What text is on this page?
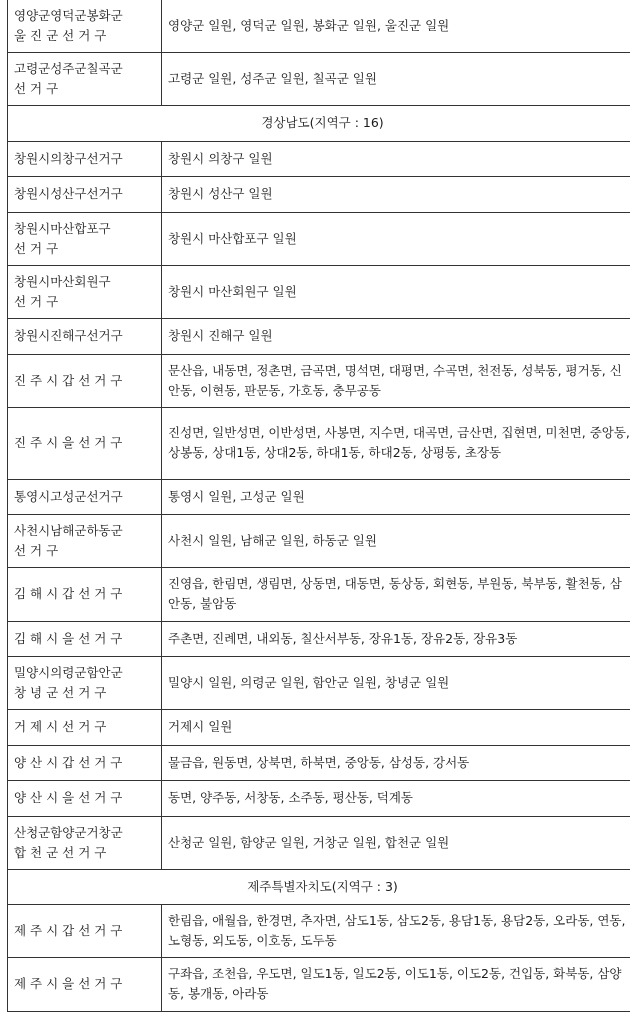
영양군영덕군봉화군
울 진 군 선 거 구	영양군 일원, 영덕군 일원, 봉화군 일원, 울진군 일원

고령군성주군칠곡군
선 거 구	고령군 일원, 성주군 일원, 칠곡군 일원
경상남도(지역구 : 16)	
창원시의창구선거구	창원시 의창구 일원
창원시성산구선거구	창원시 성산구 일원

창원시마산합포구
선 거 구	창원시 마산합포구 일원

창원시마산회원구
선 거 구	창원시 마산회원구 일원
창원시진해구선거구	창원시 진해구 일원
진 주 시 갑 선 거 구	문산읍, 내동면, 정촌면, 금곡면, 명석면, 대평면, 수곡면, 천전동, 성북동, 평거동, 신안동, 이현동, 판문동, 가호동, 충무공동
진 주 시 을 선 거 구	진성면, 일반성면, 이반성면, 사봉면, 지수면, 대곡면, 금산면, 집현면, 미천면, 중앙동, 상봉동, 상대1동, 상대2동, 하대1동, 하대2동, 상평동, 초장동
통영시고성군선거구	통영시 일원, 고성군 일원

사천시남해군하동군
선 거 구	사천시 일원, 남해군 일원, 하동군 일원
김 해 시 갑 선 거 구	진영읍, 한림면, 생림면, 상동면, 대동면, 동상동, 회현동, 부원동, 북부동, 활천동, 삼안동, 불암동
김 해 시 을 선 거 구	주촌면, 진례면, 내외동, 칠산서부동, 장유1동, 장유2동, 장유3동

밀양시의령군함안군
창 녕 군 선 거 구	밀양시 일원, 의령군 일원, 함안군 일원, 창녕군 일원
거 제 시 선 거 구	거제시 일원
양 산 시 갑 선 거 구	물금읍, 원동면, 상북면, 하북면, 중앙동, 삼성동, 강서동
양 산 시 을 선 거 구	동면, 양주동, 서창동, 소주동, 평산동, 덕계동

산청군함양군거창군
합 천 군 선 거 구	산청군 일원, 함양군 일원, 거창군 일원, 합천군 일원
제주특별자치도(지역구 : 3)	
제 주 시 갑 선 거 구	한림읍, 애월읍, 한경면, 추자면, 삼도1동, 삼도2동, 용담1동, 용담2동, 오라동, 연동, 노형동, 외도동, 이호동, 도두동
제 주 시 을 선 거 구	구좌읍, 조천읍, 우도면, 일도1동, 일도2동, 이도1동, 이도2동, 건입동, 화북동, 삼양동, 봉개동, 아라동
